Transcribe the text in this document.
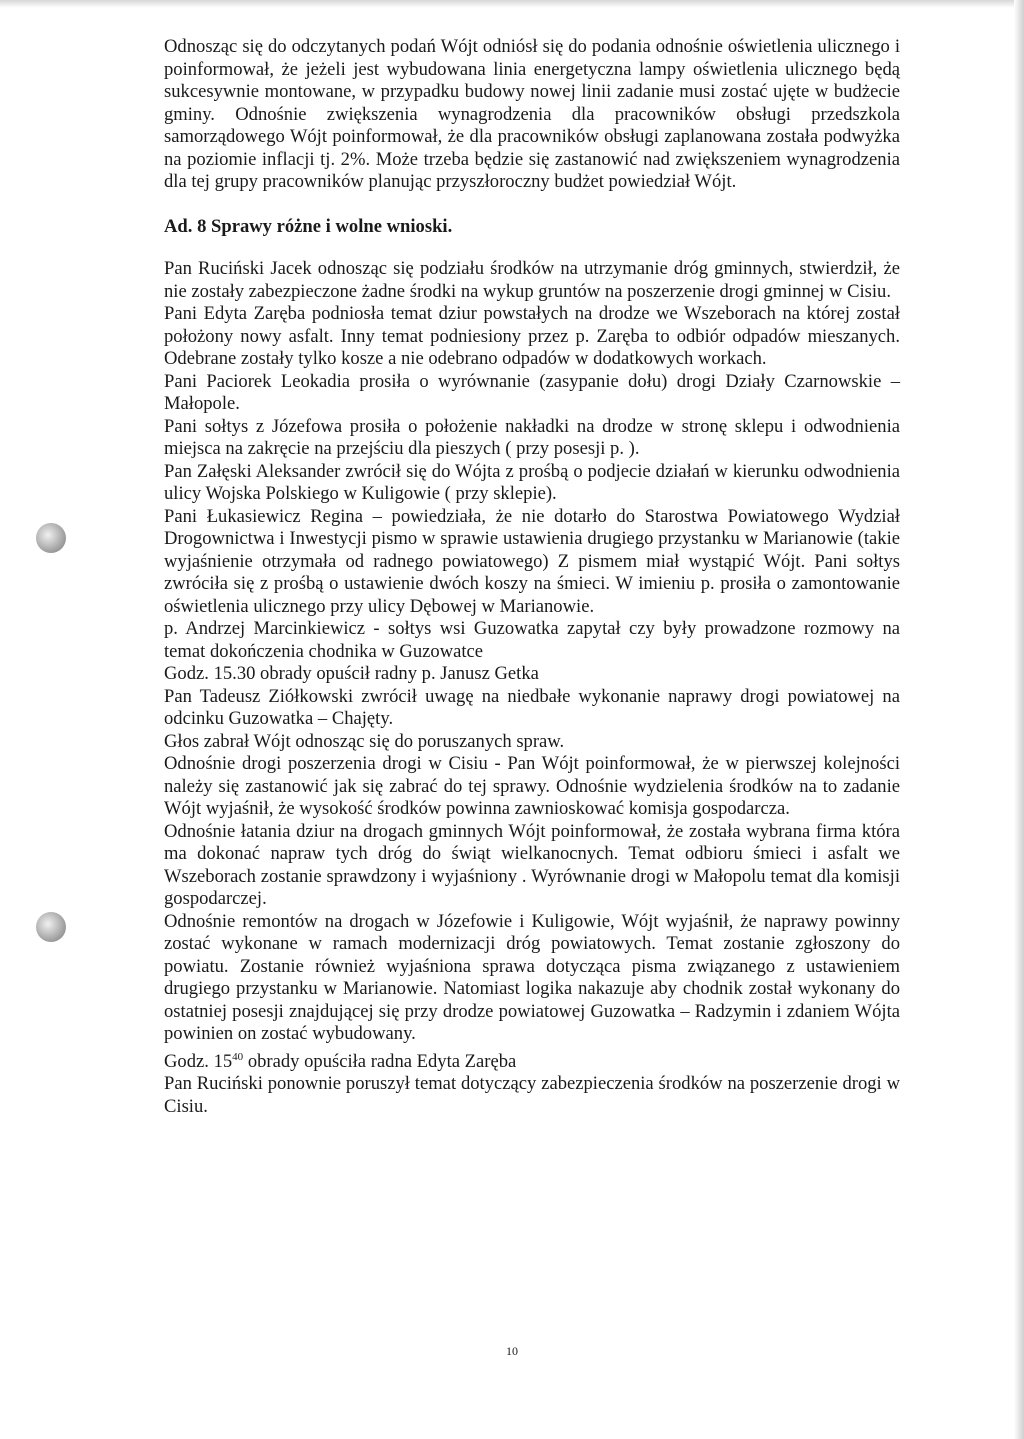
Odnosząc się do odczytanych podań Wójt odniósł się do podania odnośnie oświetlenia ulicznego i poinformował, że jeżeli jest wybudowana linia energetyczna lampy oświetlenia ulicznego będą sukcesywnie montowane, w przypadku budowy nowej linii zadanie musi zostać ujęte w budżecie gminy. Odnośnie zwiększenia wynagrodzenia dla pracowników obsługi przedszkola samorządowego Wójt poinformował, że dla pracowników obsługi zaplanowana została podwyżka na poziomie inflacji tj. 2%. Może trzeba będzie się zastanowić nad zwiększeniem wynagrodzenia dla tej grupy pracowników planując przyszłoroczny budżet powiedział Wójt.

Ad. 8 Sprawy różne i wolne wnioski.

Pan Ruciński Jacek odnosząc się podziału środków na utrzymanie dróg gminnych, stwierdził, że nie zostały zabezpieczone żadne środki na wykup gruntów na poszerzenie drogi gminnej w Cisiu.

Pani Edyta Zaręba podniosła temat dziur powstałych na drodze we Wszeborach na której został położony nowy asfalt. Inny temat podniesiony przez p. Zaręba to odbiór odpadów mieszanych. Odebrane zostały tylko kosze a nie odebrano odpadów w dodatkowych workach.

Pani Paciorek Leokadia prosiła o wyrównanie (zasypanie dołu) drogi Działy Czarnowskie – Małopole.

Pani sołtys z Józefowa prosiła o położenie nakładki na drodze w stronę sklepu i odwodnienia miejsca na zakręcie na przejściu dla pieszych ( przy posesji p. ).

Pan Załęski Aleksander zwrócił się do Wójta z prośbą o podjecie działań w kierunku odwodnienia ulicy Wojska Polskiego w Kuligowie ( przy sklepie).

Pani Łukasiewicz Regina – powiedziała, że nie dotarło do Starostwa Powiatowego Wydział Drogownictwa i Inwestycji pismo w sprawie ustawienia drugiego przystanku w Marianowie (takie wyjaśnienie otrzymała od radnego powiatowego) Z pismem miał wystąpić Wójt. Pani sołtys zwróciła się z prośbą o ustawienie dwóch koszy na śmieci. W imieniu p. prosiła o zamontowanie oświetlenia ulicznego przy ulicy Dębowej w Marianowie.

p. Andrzej Marcinkiewicz - sołtys wsi Guzowatka zapytał czy były prowadzone rozmowy na temat dokończenia chodnika w Guzowatce

Godz. 15.30 obrady opuścił radny p. Janusz Getka

Pan Tadeusz Ziółkowski zwrócił uwagę na niedbałe wykonanie naprawy drogi powiatowej na odcinku Guzowatka – Chajęty.

Głos zabrał Wójt odnosząc się do poruszanych spraw.

Odnośnie drogi poszerzenia drogi w Cisiu - Pan Wójt poinformował, że w pierwszej kolejności należy się zastanowić jak się zabrać do tej sprawy. Odnośnie wydzielenia środków na to zadanie Wójt wyjaśnił, że wysokość środków powinna zawnioskować komisja gospodarcza.

Odnośnie łatania dziur na drogach gminnych Wójt poinformował, że została wybrana firma która ma dokonać napraw tych dróg do świąt wielkanocnych. Temat odbioru śmieci i asfalt we Wszeborach zostanie sprawdzony i wyjaśniony . Wyrównanie drogi w Małopolu temat dla komisji gospodarczej.

Odnośnie remontów na drogach w Józefowie i Kuligowie, Wójt wyjaśnił, że naprawy powinny zostać wykonane w ramach modernizacji dróg powiatowych. Temat zostanie zgłoszony do powiatu. Zostanie również wyjaśniona sprawa dotycząca pisma związanego z ustawieniem drugiego przystanku w Marianowie. Natomiast logika nakazuje aby chodnik został wykonany do ostatniej posesji znajdującej się przy drodze powiatowej Guzowatka – Radzymin i zdaniem Wójta powinien on zostać wybudowany.

Godz. $15^{40}$ obrady opuściła radna Edyta Zaręba

Pan Ruciński ponownie poruszył temat dotyczący zabezpieczenia środków na poszerzenie drogi w Cisiu.

10
